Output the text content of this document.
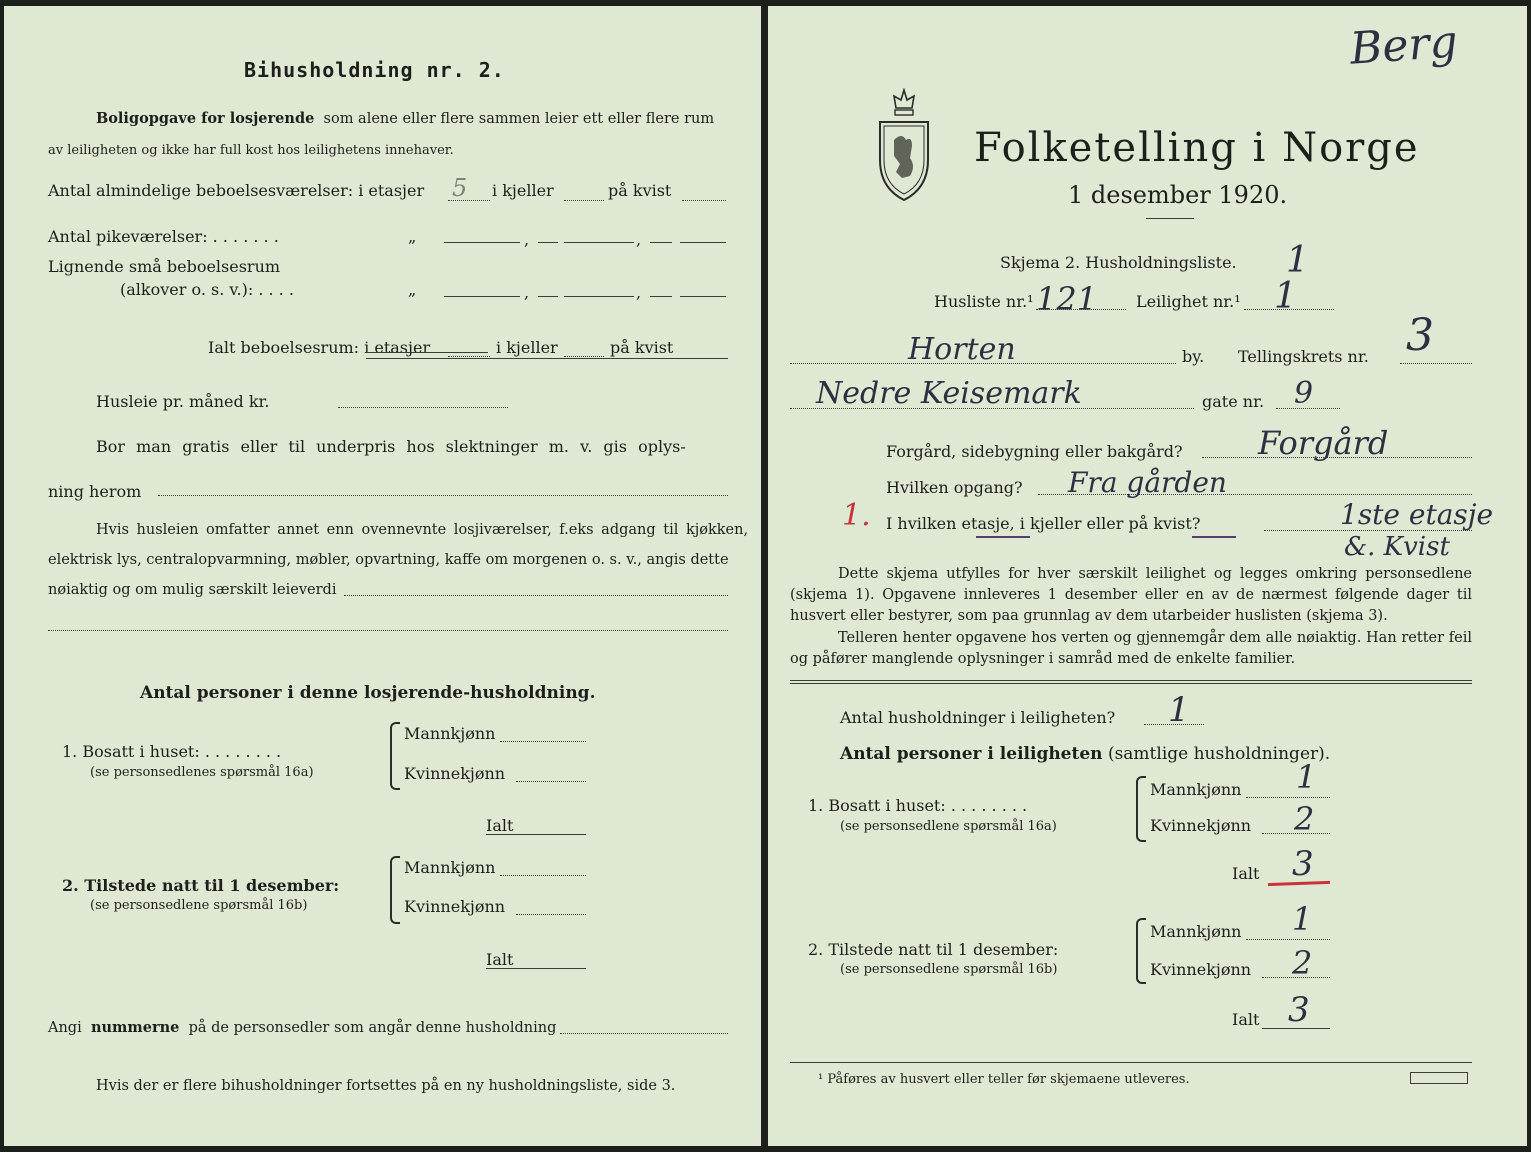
Bihusholdning nr. 2.
Boligopgave for losjerende som alene eller flere sammen leier ett eller flere rum
av leiligheten og ikke har full kost hos leilighetens innehaver.
Antal almindelige beboelsesværelser: i etasjer 5 i kjeller	på kvist
Antal pikeværelser: . . . . . . .	„	,	,
Lignende små beboelsesrum
(alkover o. s. v.): . . . .	„	,	,
Ialt beboelsesrum: i etasjer	i kjeller	på kvist
Husleie pr. måned kr.
Bor man gratis eller til underpris hos slektninger m. v. gis oplys-
ning herom
Hvis husleien omfatter annet enn ovennevnte losjiværelser, f.eks adgang til kjøkken,
elektrisk lys, centralopvarmning, møbler, opvartning, kaffe om morgenen o. s. v., angis dette
nøiaktig og om mulig særskilt leieverdi
Antal personer i denne losjerende-husholdning.
1. Bosatt i huset: . . . . . . . .
(se personsedlenes spørsmål 16a)
Mannkjønn
Kvinnekjønn
Ialt
2. Tilstede natt til 1 desember:
(se personsedlene spørsmål 16b)
Mannkjønn
Kvinnekjønn
Ialt
Angi nummerne på de personsedler som angår denne husholdning
Hvis der er flere bihusholdninger fortsettes på en ny husholdningsliste, side 3.
Berg
Folketelling i Norge
1 desember 1920.
Skjema 2. Husholdningsliste. 1
Husliste nr.¹ 121 Leilighet nr.¹ 1
Horten	by. Tellingskrets nr. 3
Nedre Keisemark	gate nr. 9
Forgård, sidebygning eller bakgård? Forgård
Hvilken opgang? Fra gården
1. I hvilken etasje, i kjeller eller på kvist?	1ste etasje
&. Kvist
Dette skjema utfylles for hver særskilt leilighet og legges omkring personsedlene (skjema 1). Opgavene innleveres 1 desember eller en av de nærmest følgende dager til husvert eller bestyrer, som paa grunnlag av dem utarbeider huslisten (skjema 3).
Telleren henter opgavene hos verten og gjennemgår dem alle nøiaktig. Han retter feil og påfører manglende oplysninger i samråd med de enkelte familier.
Antal husholdninger i leiligheten? 1
Antal personer i leiligheten (samtlige husholdninger).
1. Bosatt i huset: . . . . . . . .
(se personsedlene spørsmål 16a)
Mannkjønn 1
Kvinnekjønn 2
Ialt 3
2. Tilstede natt til 1 desember:
(se personsedlene spørsmål 16b)
Mannkjønn 1
Kvinnekjønn 2
Ialt 3
¹ Påføres av husvert eller teller før skjemaene utleveres.
